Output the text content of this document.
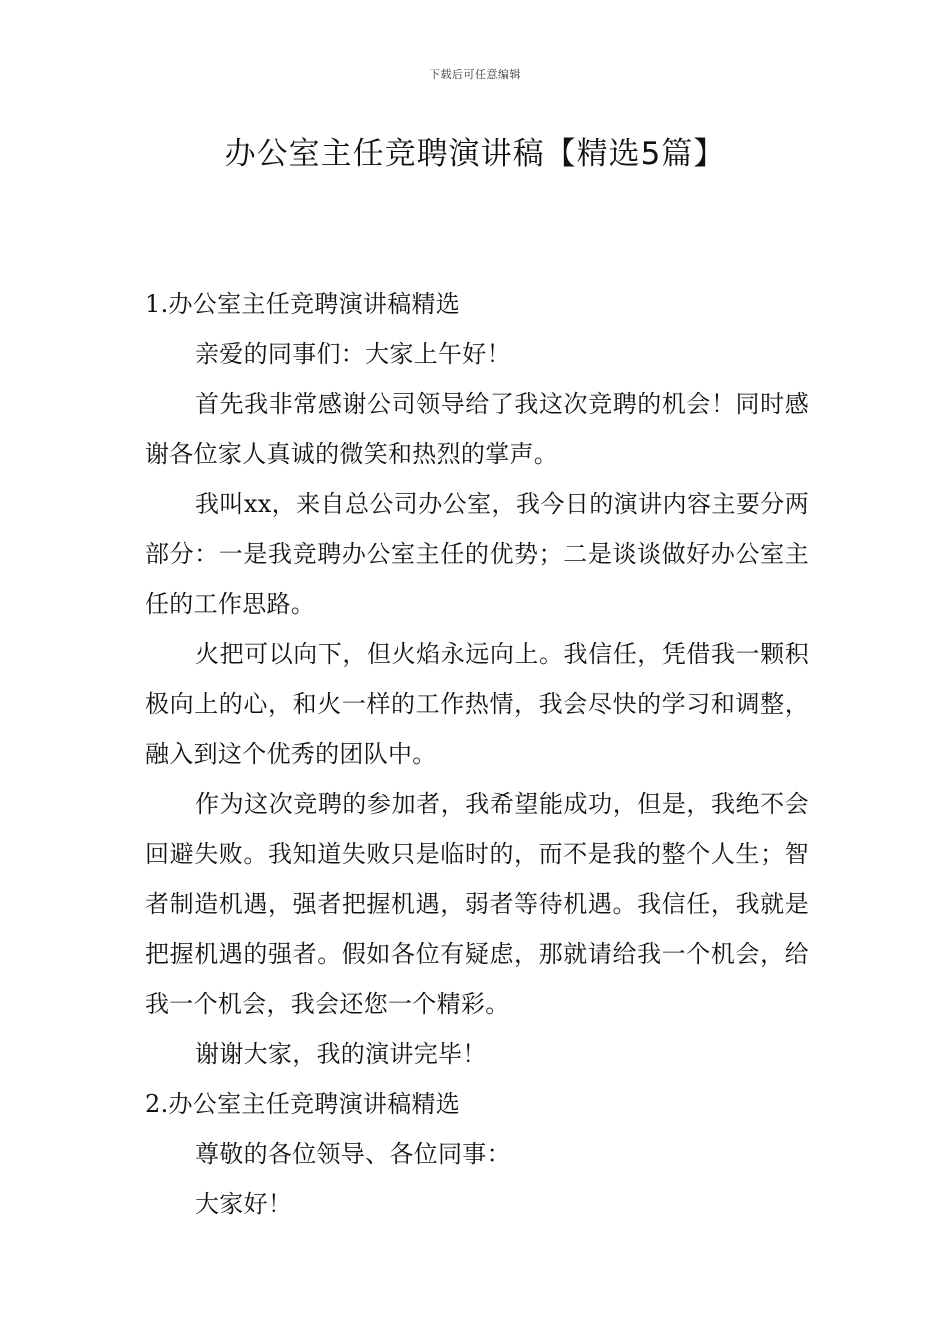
下载后可任意编辑
办公室主任竞聘演讲稿【精选5篇】

1.办公室主任竞聘演讲稿精选

亲爱的同事们：大家上午好！

首先我非常感谢公司领导给了我这次竞聘的机会！同时感谢各位家人真诚的微笑和热烈的掌声。

我叫xx，来自总公司办公室，我今日的演讲内容主要分两部分：一是我竞聘办公室主任的优势；二是谈谈做好办公室主任的工作思路。

火把可以向下，但火焰永远向上。我信任，凭借我一颗积极向上的心，和火一样的工作热情，我会尽快的学习和调整，融入到这个优秀的团队中。

作为这次竞聘的参加者，我希望能成功，但是，我绝不会回避失败。我知道失败只是临时的，而不是我的整个人生；智者制造机遇，强者把握机遇，弱者等待机遇。我信任，我就是把握机遇的强者。假如各位有疑虑，那就请给我一个机会，给我一个机会，我会还您一个精彩。

谢谢大家，我的演讲完毕！

2.办公室主任竞聘演讲稿精选

尊敬的各位领导、各位同事：

大家好！
